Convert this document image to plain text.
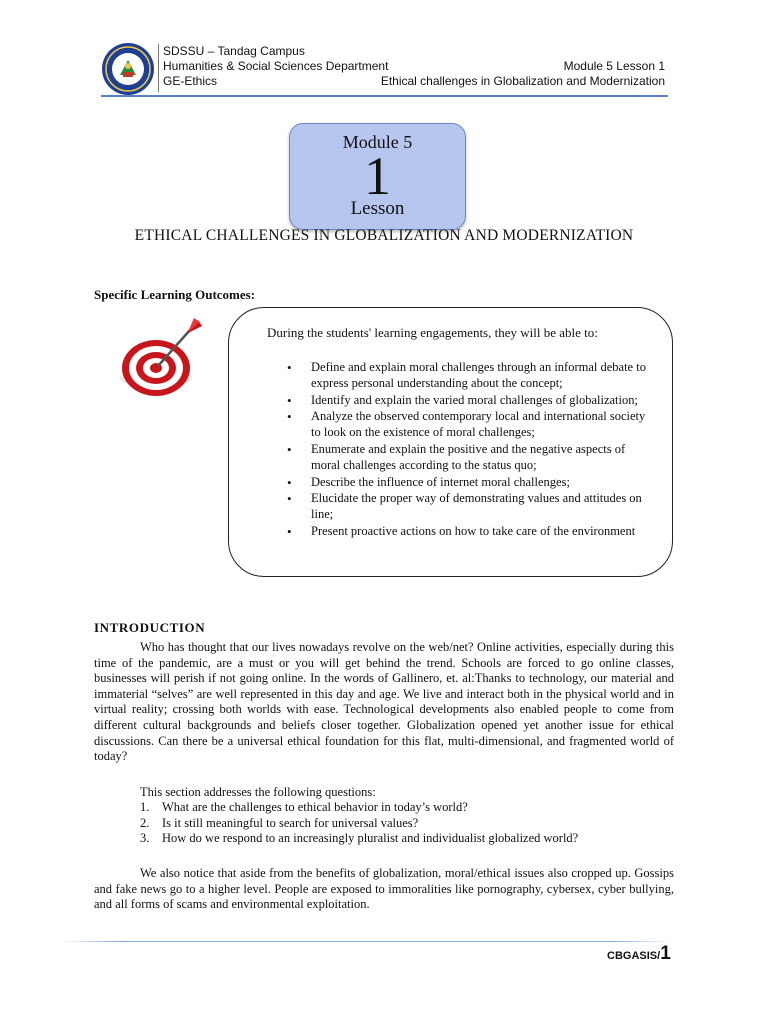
SDSSU – Tandag Campus
Humanities & Social Sciences Department
GE-Ethics
Module 5 Lesson 1
Ethical challenges in Globalization and Modernization
Module 5
1
Lesson
ETHICAL CHALLENGES IN GLOBALIZATION AND MODERNIZATION
Specific Learning Outcomes:
During the students' learning engagements, they will be able to:
• Define and explain moral challenges through an informal debate to express personal understanding about the concept;
• Identify and explain the varied moral challenges of globalization;
• Analyze the observed contemporary local and international society to look on the existence of moral challenges;
• Enumerate and explain the positive and the negative aspects of moral challenges according to the status quo;
• Describe the influence of internet moral challenges;
• Elucidate the proper way of demonstrating values and attitudes on line;
• Present proactive actions on how to take care of the environment
INTRODUCTION
Who has thought that our lives nowadays revolve on the web/net? Online activities, especially during this time of the pandemic, are a must or you will get behind the trend. Schools are forced to go online classes, businesses will perish if not going online. In the words of Gallinero, et. al:Thanks to technology, our material and immaterial “selves” are well represented in this day and age. We live and interact both in the physical world and in virtual reality; crossing both worlds with ease. Technological developments also enabled people to come from different cultural backgrounds and beliefs closer together. Globalization opened yet another issue for ethical discussions. Can there be a universal ethical foundation for this flat, multi-dimensional, and fragmented world of today?
This section addresses the following questions:
1.	What are the challenges to ethical behavior in today’s world?
2.	Is it still meaningful to search for universal values?
3.	How do we respond to an increasingly pluralist and individualist globalized world?
We also notice that aside from the benefits of globalization, moral/ethical issues also cropped up. Gossips and fake news go to a higher level. People are exposed to immoralities like pornography, cybersex, cyber bullying, and all forms of scams and environmental exploitation.
CBGASIS/1
